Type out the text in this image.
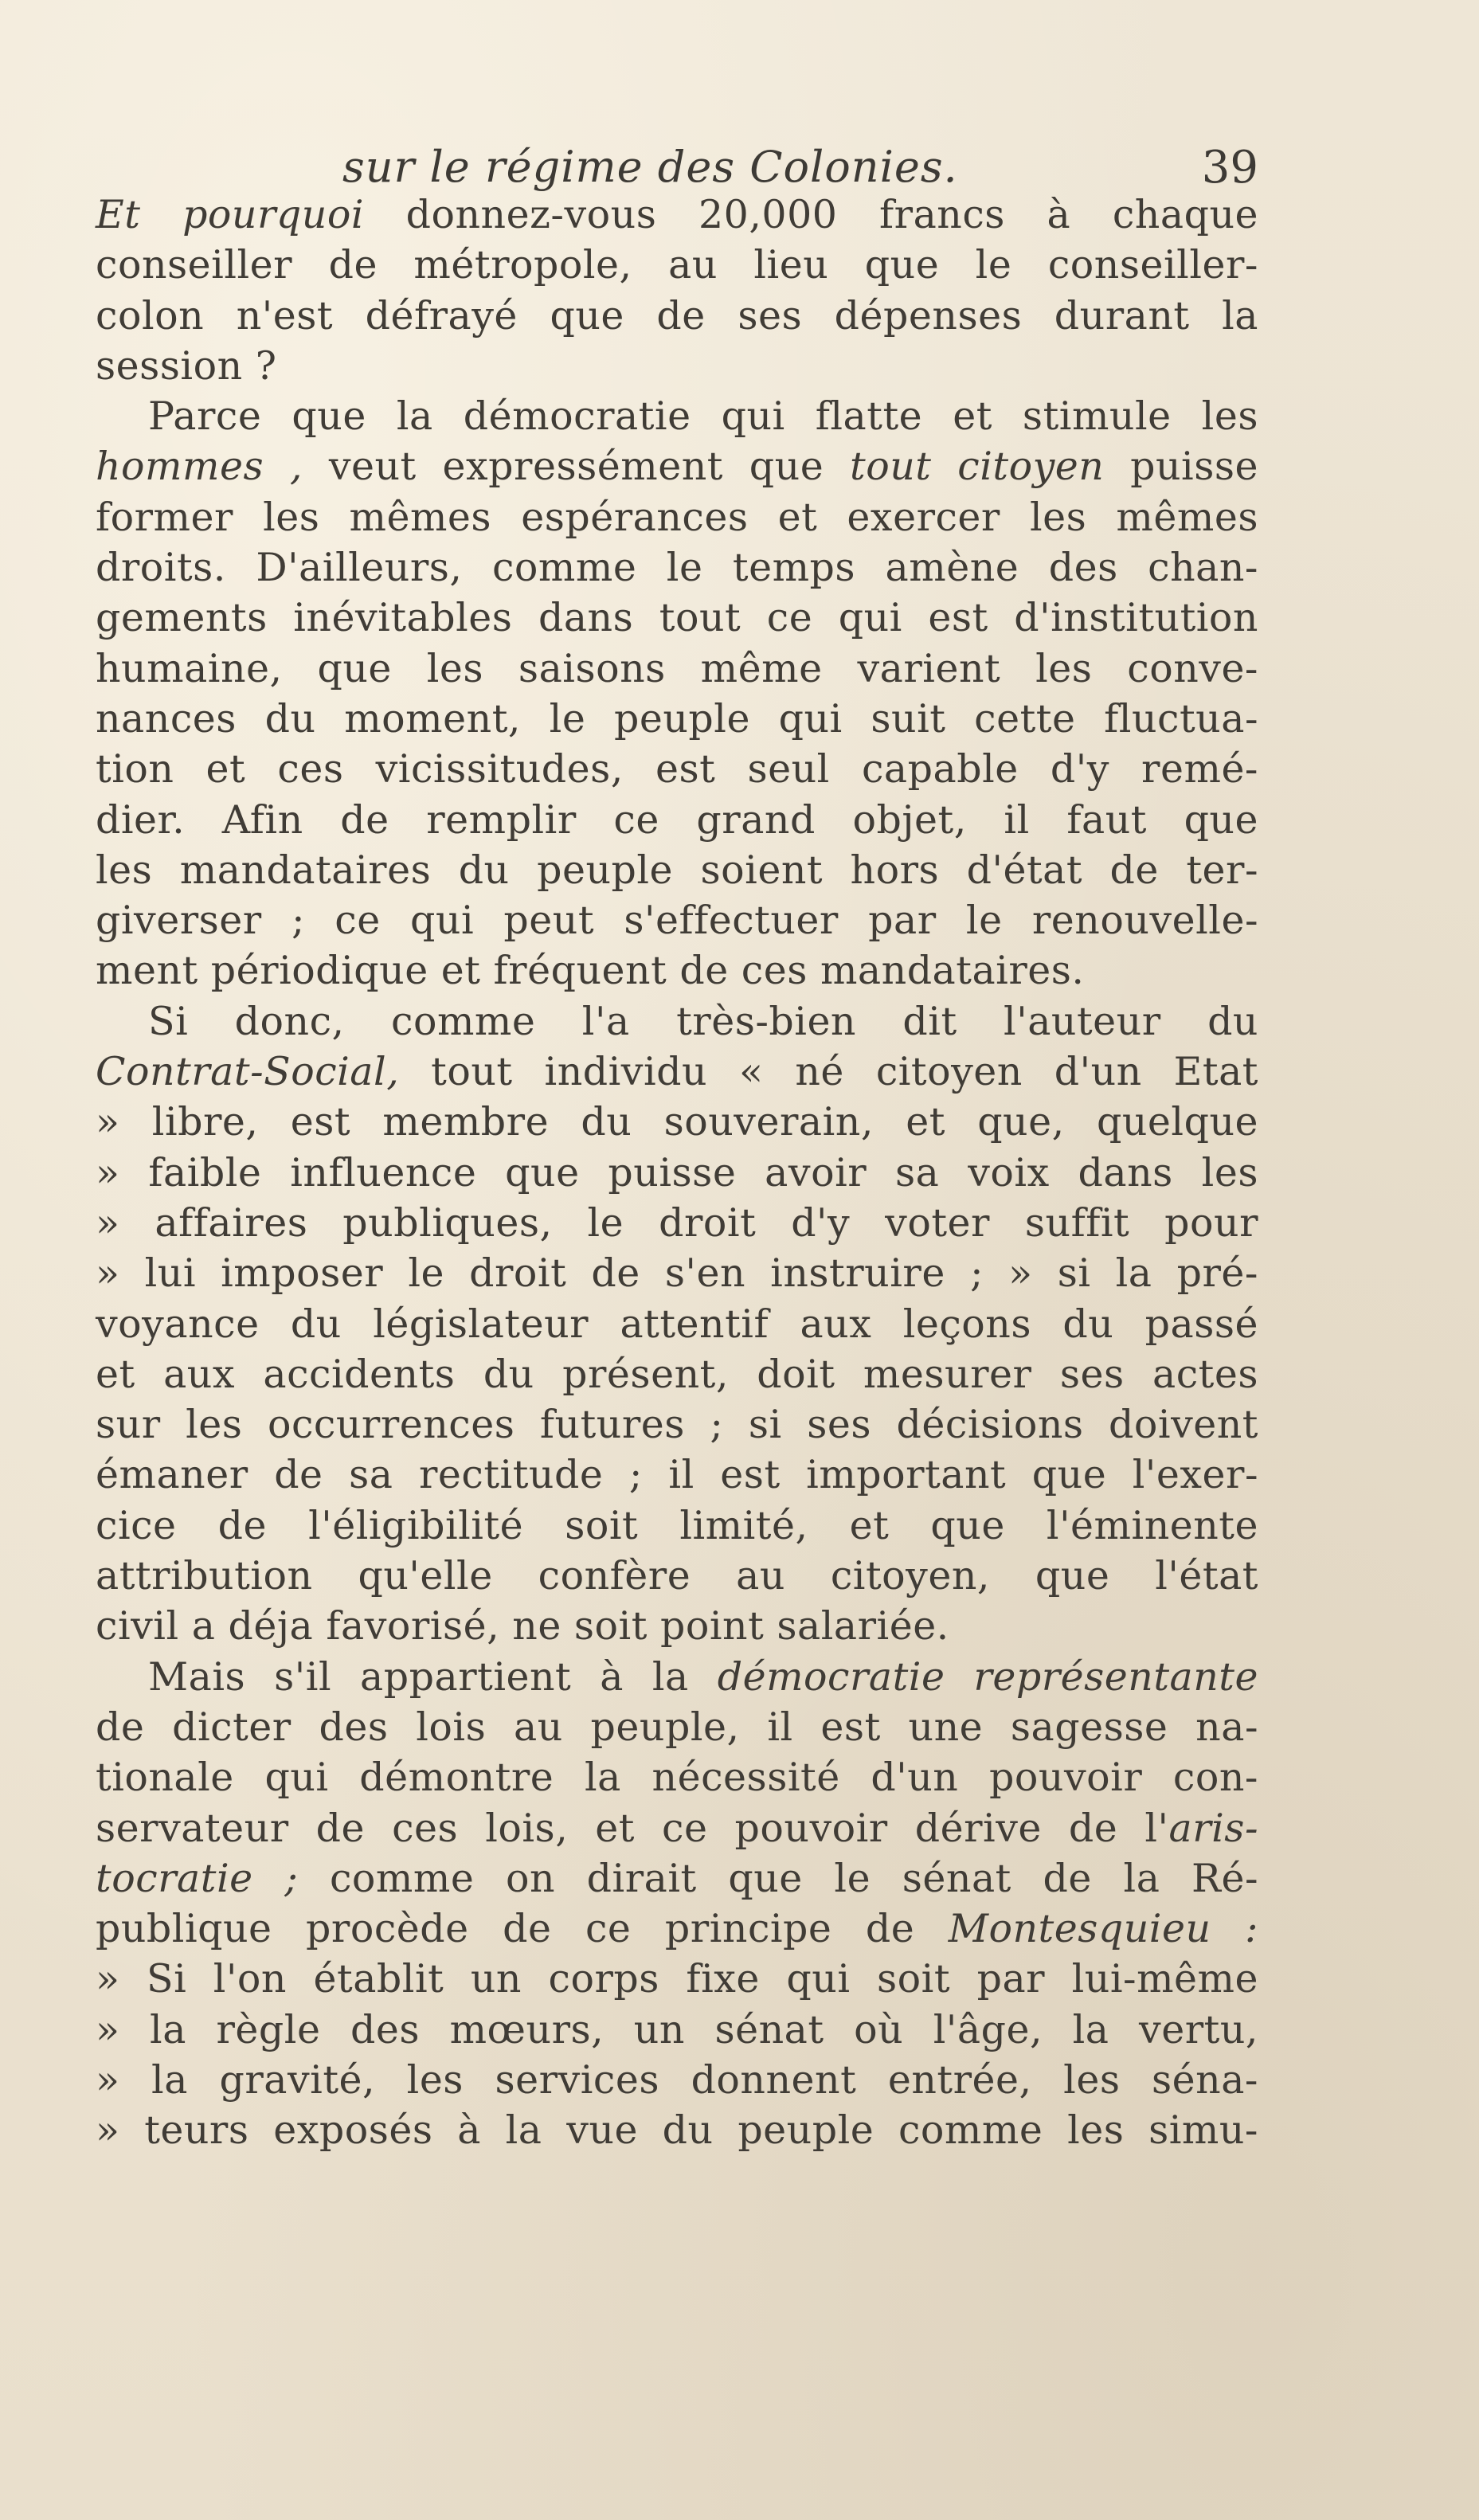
sur le régime des Colonies.	39
Et pourquoi donnez-vous 20,000 francs à chaque
conseiller de métropole, au lieu que le conseiller-
colon n'est défrayé que de ses dépenses durant la
session ?
Parce que la démocratie qui flatte et stimule les
hommes , veut expressément que tout citoyen puisse
former les mêmes espérances et exercer les mêmes
droits. D'ailleurs, comme le temps amène des chan-
gements inévitables dans tout ce qui est d'institution
humaine, que les saisons même varient les conve-
nances du moment, le peuple qui suit cette fluctua-
tion et ces vicissitudes, est seul capable d'y remé-
dier. Afin de remplir ce grand objet, il faut que
les mandataires du peuple soient hors d'état de ter-
giverser ; ce qui peut s'effectuer par le renouvelle-
ment périodique et fréquent de ces mandataires.
Si donc, comme l'a très-bien dit l'auteur du
Contrat-Social, tout individu « né citoyen d'un Etat
» libre, est membre du souverain, et que, quelque
» faible influence que puisse avoir sa voix dans les
» affaires publiques, le droit d'y voter suffit pour
» lui imposer le droit de s'en instruire ; » si la pré-
voyance du législateur attentif aux leçons du passé
et aux accidents du présent, doit mesurer ses actes
sur les occurrences futures ; si ses décisions doivent
émaner de sa rectitude ; il est important que l'exer-
cice de l'éligibilité soit limité, et que l'éminente
attribution qu'elle confère au citoyen, que l'état
civil a déja favorisé, ne soit point salariée.
Mais s'il appartient à la démocratie représentante
de dicter des lois au peuple, il est une sagesse na-
tionale qui démontre la nécessité d'un pouvoir con-
servateur de ces lois, et ce pouvoir dérive de l'aris-
tocratie ; comme on dirait que le sénat de la Ré-
publique procède de ce principe de Montesquieu :
» Si l'on établit un corps fixe qui soit par lui-même
» la règle des mœurs, un sénat où l'âge, la vertu,
» la gravité, les services donnent entrée, les séna-
» teurs exposés à la vue du peuple comme les simu-
